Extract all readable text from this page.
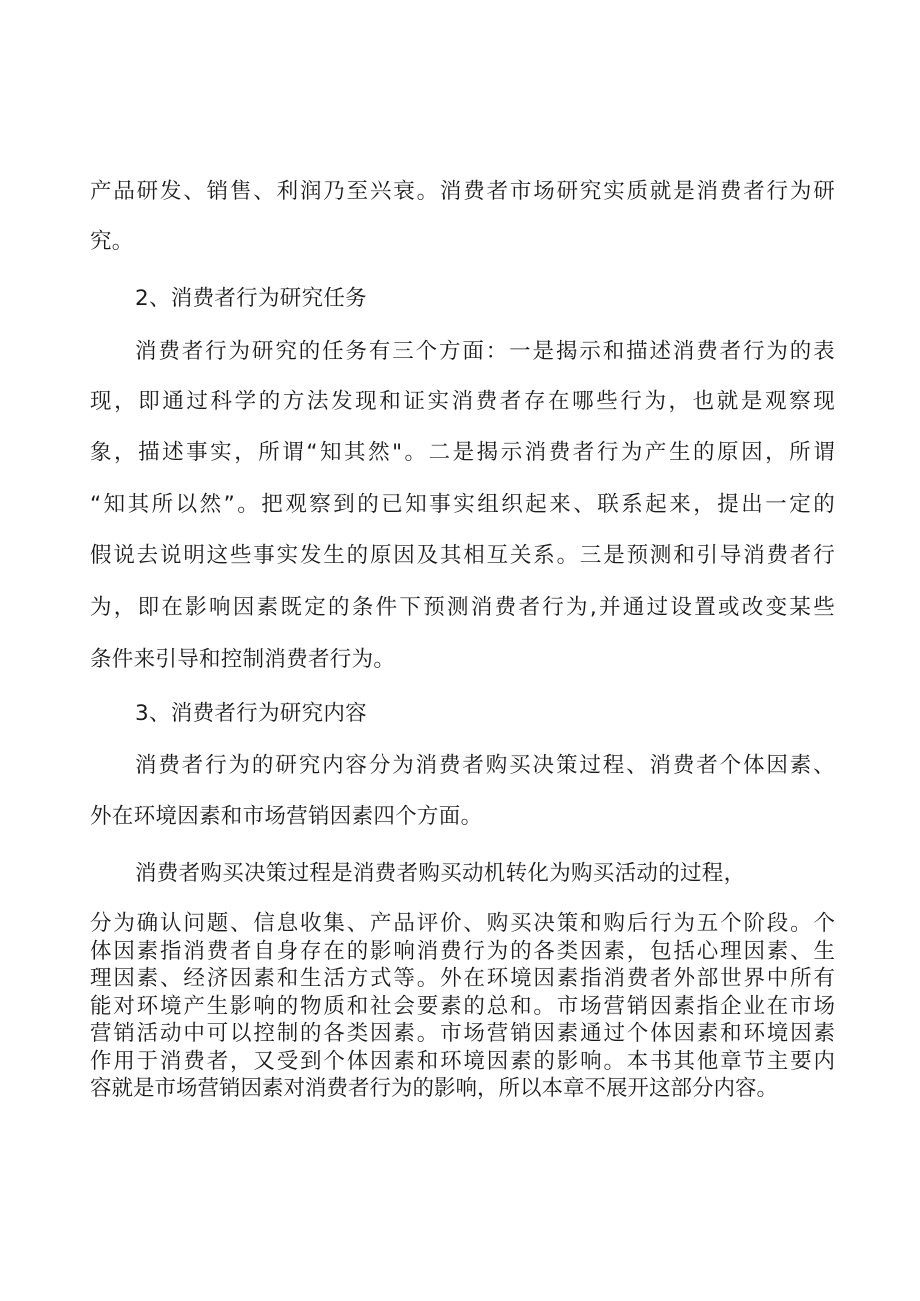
产品研发、销售、利润乃至兴衰。消费者市场研究实质就是消费者行为研
究。
2、消费者行为研究任务
消费者行为研究的任务有三个方面：一是揭示和描述消费者行为的表
现，即通过科学的方法发现和证实消费者存在哪些行为，也就是观察现
象，描述事实，所谓“知其然"。二是揭示消费者行为产生的原因，所谓
“知其所以然”。把观察到的已知事实组织起来、联系起来，提出一定的
假说去说明这些事实发生的原因及其相互关系。三是预测和引导消费者行
为，即在影响因素既定的条件下预测消费者行为,并通过设置或改变某些
条件来引导和控制消费者行为。
3、消费者行为研究内容
消费者行为的研究内容分为消费者购买决策过程、消费者个体因素、
外在环境因素和市场营销因素四个方面。
消费者购买决策过程是消费者购买动机转化为购买活动的过程，
分为确认问题、信息收集、产品评价、购买决策和购后行为五个阶段。个
体因素指消费者自身存在的影响消费行为的各类因素，包括心理因素、生
理因素、经济因素和生活方式等。外在环境因素指消费者外部世界中所有
能对环境产生影响的物质和社会要素的总和。市场营销因素指企业在市场
营销活动中可以控制的各类因素。市场营销因素通过个体因素和环境因素
作用于消费者，又受到个体因素和环境因素的影响。本书其他章节主要内
容就是市场营销因素对消费者行为的影响，所以本章不展开这部分内容。
